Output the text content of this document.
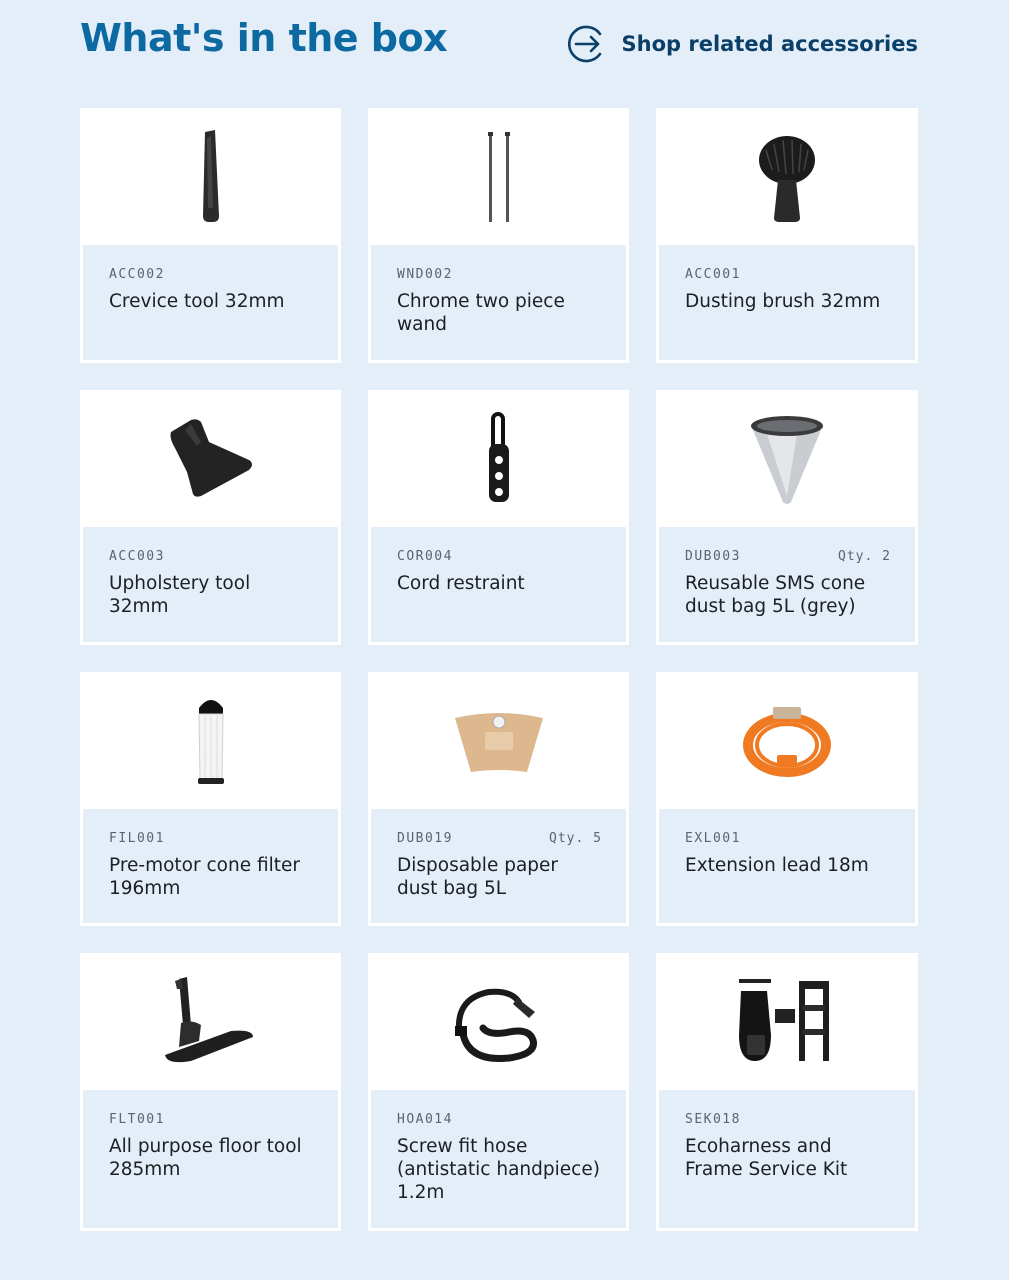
What's in the box	Shop related accessories
ACC002
Crevice tool 32mm
WND002
Chrome two piece wand
ACC001
Dusting brush 32mm
ACC003
Upholstery tool 32mm
COR004
Cord restraint
DUB003	Qty. 2
Reusable SMS cone dust bag 5L (grey)
FIL001
Pre-motor cone filter 196mm
DUB019	Qty. 5
Disposable paper dust bag 5L
EXL001
Extension lead 18m
FLT001
All purpose floor tool 285mm
HOA014
Screw fit hose (antistatic handpiece) 1.2m
SEK018
Ecoharness and Frame Service Kit
